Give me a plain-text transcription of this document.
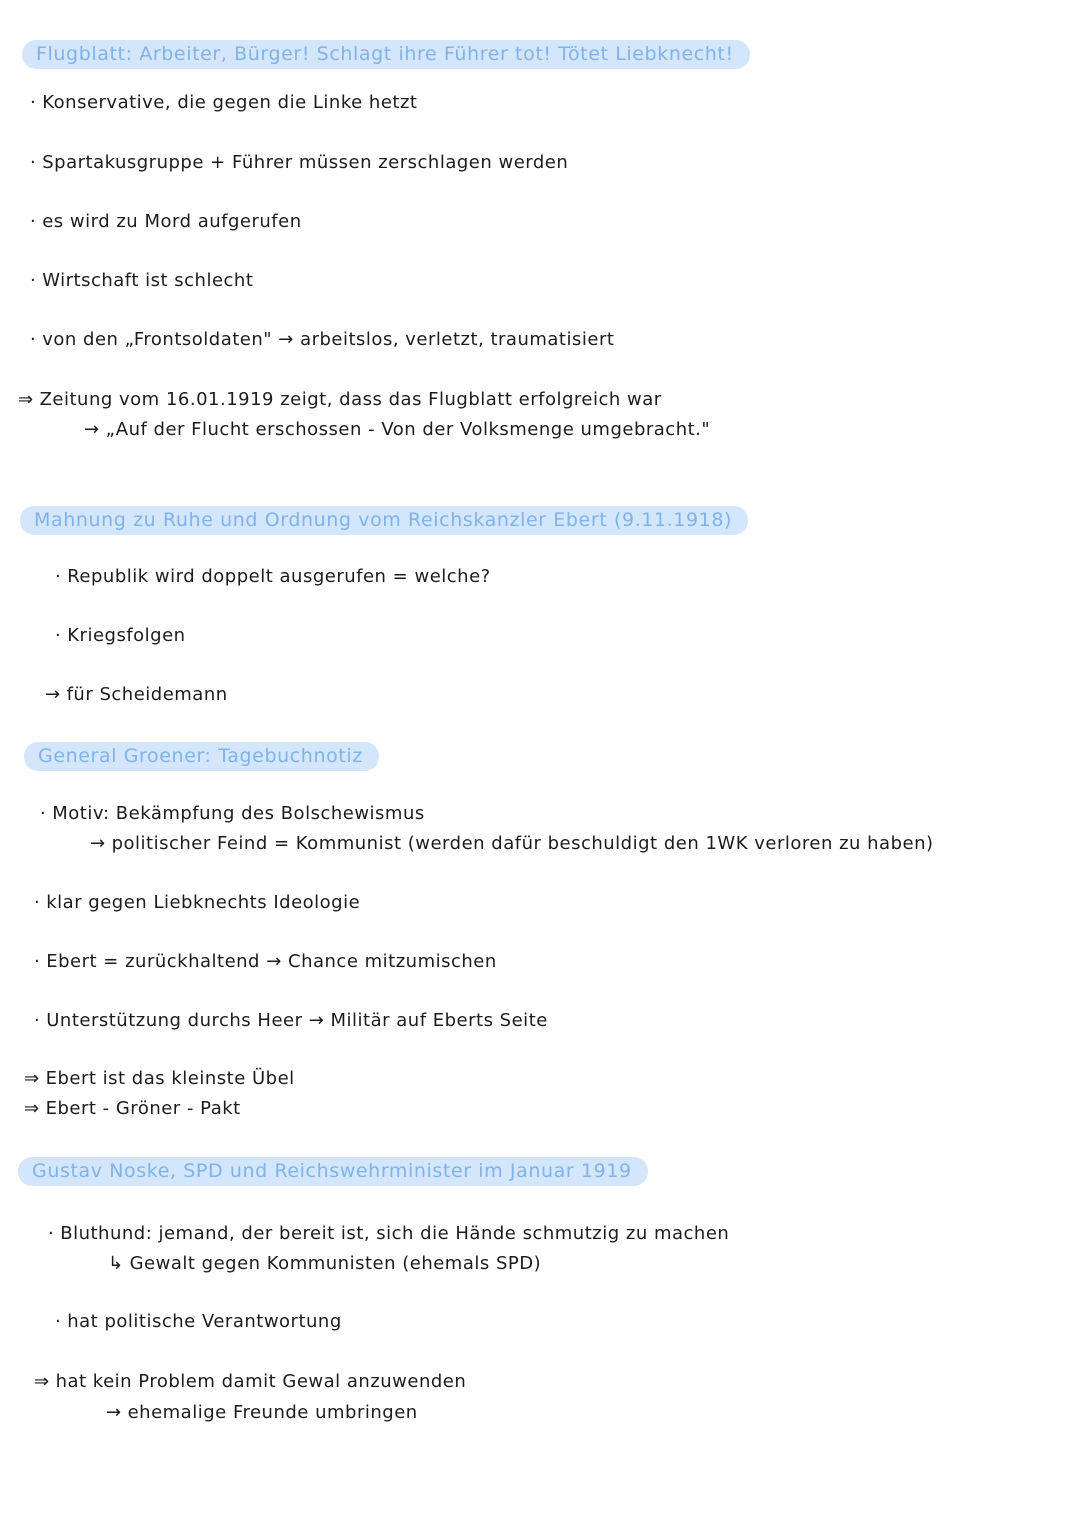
Flugblatt: Arbeiter, Bürger! Schlagt ihre Führer tot! Tötet Liebknecht!
· Konservative, die gegen die Linke hetzt
· Spartakusgruppe + Führer müssen zerschlagen werden
· es wird zu Mord aufgerufen
· Wirtschaft ist schlecht
· von den „Frontsoldaten" → arbeitslos, verletzt, traumatisiert
⇒ Zeitung vom 16.01.1919 zeigt, dass das Flugblatt erfolgreich war
→ „Auf der Flucht erschossen - Von der Volksmenge umgebracht."
Mahnung zu Ruhe und Ordnung vom Reichskanzler Ebert (9.11.1918)
· Republik wird doppelt ausgerufen = welche?
· Kriegsfolgen
→ für Scheidemann
General Groener: Tagebuchnotiz
· Motiv: Bekämpfung des Bolschewismus
→ politischer Feind = Kommunist (werden dafür beschuldigt den 1WK verloren zu haben)
· klar gegen Liebknechts Ideologie
· Ebert = zurückhaltend → Chance mitzumischen
· Unterstützung durchs Heer → Militär auf Eberts Seite
⇒ Ebert ist das kleinste Übel
⇒ Ebert - Gröner - Pakt
Gustav Noske, SPD und Reichswehrminister im Januar 1919
· Bluthund: jemand, der bereit ist, sich die Hände schmutzig zu machen
↳ Gewalt gegen Kommunisten (ehemals SPD)
· hat politische Verantwortung
⇒ hat kein Problem damit Gewal anzuwenden
→ ehemalige Freunde umbringen
